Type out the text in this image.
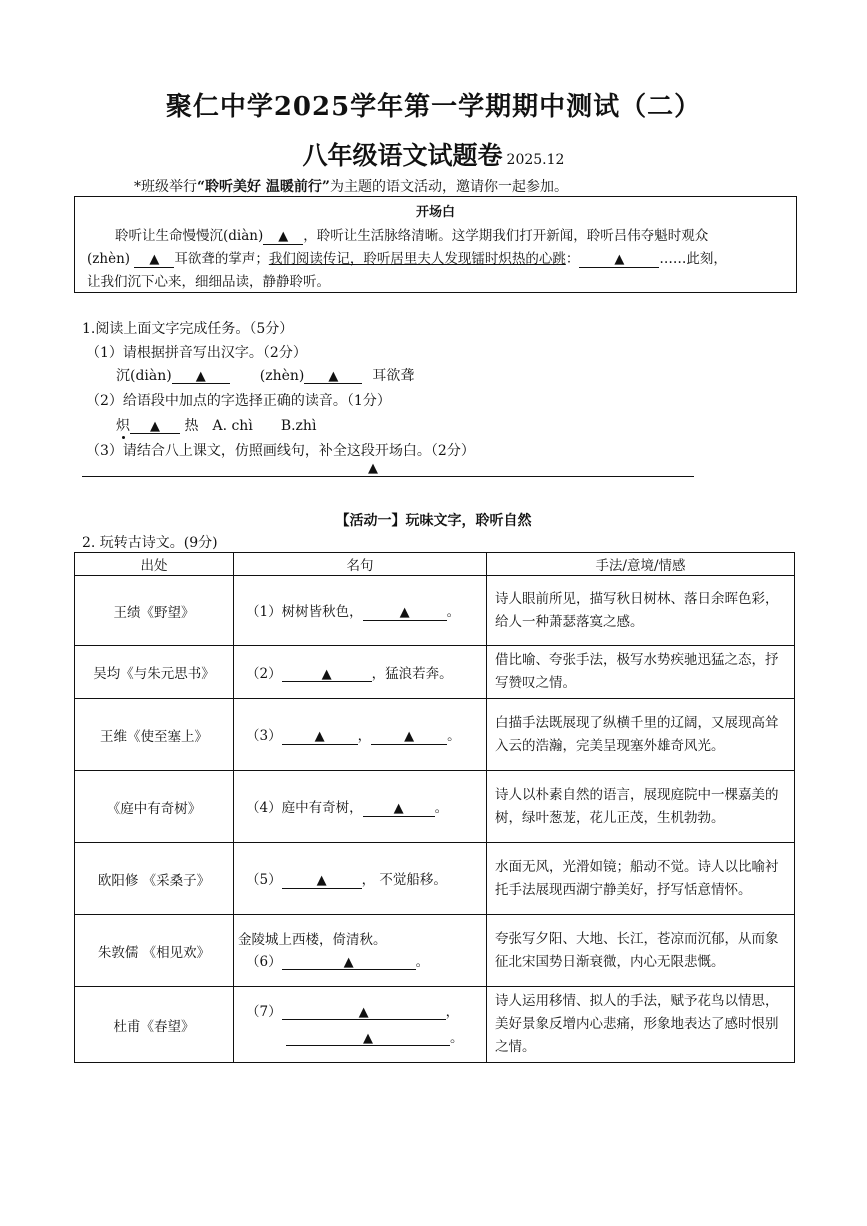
聚仁中学2025学年第一学期期中测试（二）
八年级语文试题卷 2025.12
*班级举行“聆听美好 温暖前行”为主题的语文活动，邀请你一起参加。
开场白
聆听让生命慢慢沉(diàn) ▲ ，聆听让生活脉络清晰。这学期我们打开新闻，聆听吕伟夺魁时观众
(zhèn) ▲ 耳欲聋的掌声；我们阅读传记，聆听居里夫人发现镭时炽热的心跳：	▲	……此刻，
让我们沉下心来，细细品读，静静聆听。
1.阅读上面文字完成任务。（5分）
（1）请根据拼音写出汉字。（2分）
沉(diàn) ▲	(zhèn) ▲ 耳欲聋
（2）给语段中加点的字选择正确的读音。（1分）
炽 ▲ 热 A. chì B.zhì
（3）请结合八上课文，仿照画线句，补全这段开场白。（2分）
▲
【活动一】玩味文字，聆听自然
2. 玩转古诗文。(9分)
出处	名句	手法/意境/情感
王绩《野望》	（1）树树皆秋色， ▲ 。	诗人眼前所见，描写秋日树林、落日余晖色彩，给人一种萧瑟落寞之感。
吴均《与朱元思书》	（2） ▲ ，猛浪若奔。	借比喻、夸张手法，极写水势疾驰迅猛之态，抒写赞叹之情。
王维《使至塞上》	（3） ▲ ， ▲ 。	白描手法既展现了纵横千里的辽阔，又展现高耸入云的浩瀚，完美呈现塞外雄奇风光。
《庭中有奇树》	（4）庭中有奇树， ▲ 。	诗人以朴素自然的语言，展现庭院中一棵嘉美的树，绿叶葱茏，花儿正茂，生机勃勃。
欧阳修 《采桑子》	（5） ▲ ， 不觉船移。	水面无风，光滑如镜；船动不觉。诗人以比喻衬托手法展现西湖宁静美好，抒写恬意情怀。
朱敦儒 《相见欢》	金陵城上西楼，倚清秋。
（6） ▲ 。	夸张写夕阳、大地、长江，苍凉而沉郁，从而象征北宋国势日渐衰微，内心无限悲慨。
杜甫《春望》	（7） ▲ ，
▲ 。	诗人运用移情、拟人的手法，赋予花鸟以情思，美好景象反增内心悲痛，形象地表达了感时恨别之情。
